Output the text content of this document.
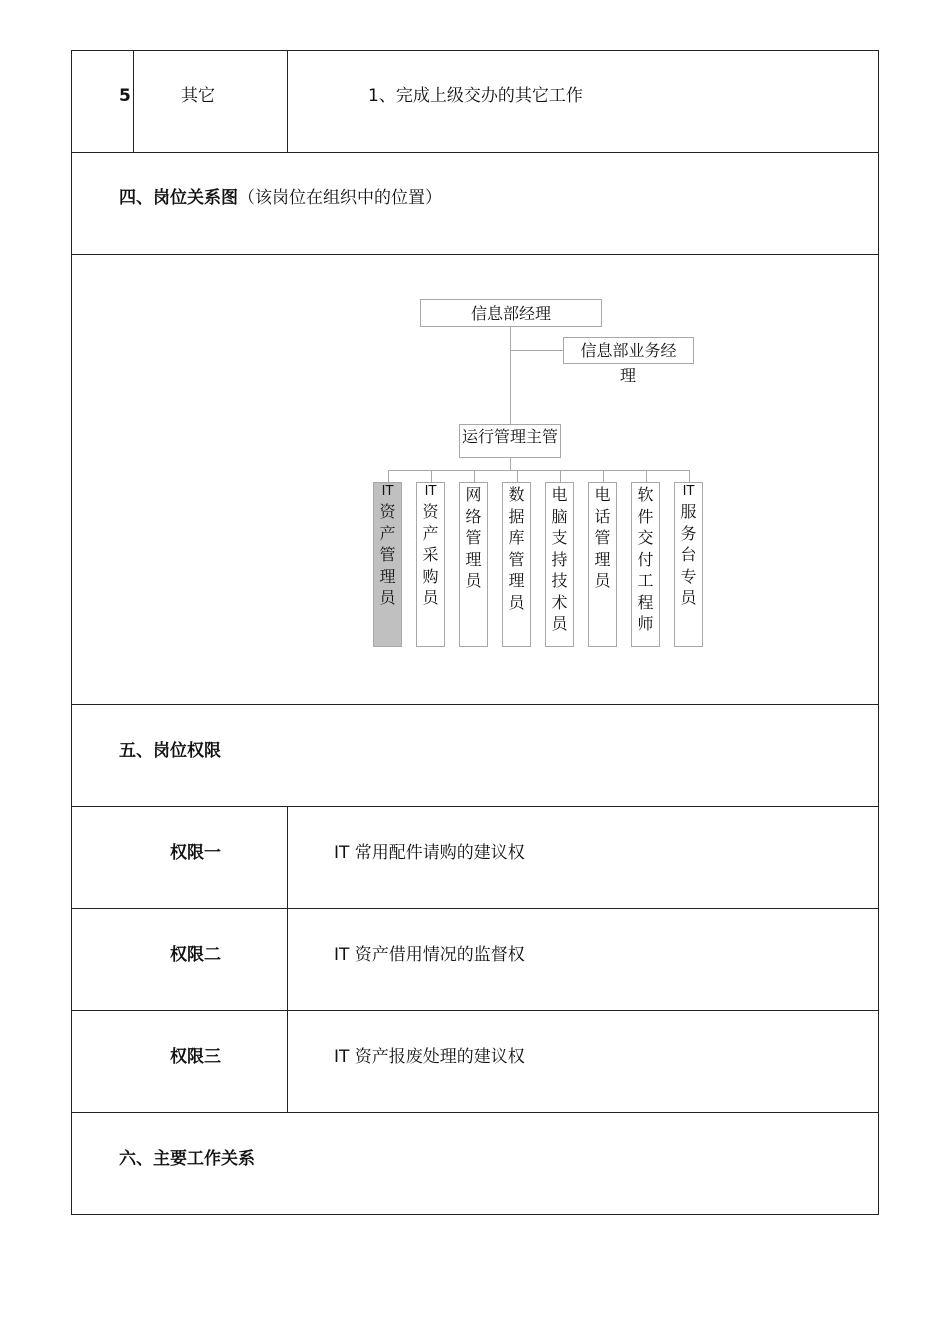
5	其它	1、完成上级交办的其它工作
四、岗位关系图（该岗位在组织中的位置）
信息部经理
信息部业务经
理
运行管理主管
IT
资产管理员
IT
资产采购员
网络管理员
数据库管理员
电脑支持技术员
电话管理员
软件交付工程师
IT
服务台专员
五、岗位权限
权限一	IT 常用配件请购的建议权
权限二	IT 资产借用情况的监督权
权限三	IT 资产报废处理的建议权
六、主要工作关系
